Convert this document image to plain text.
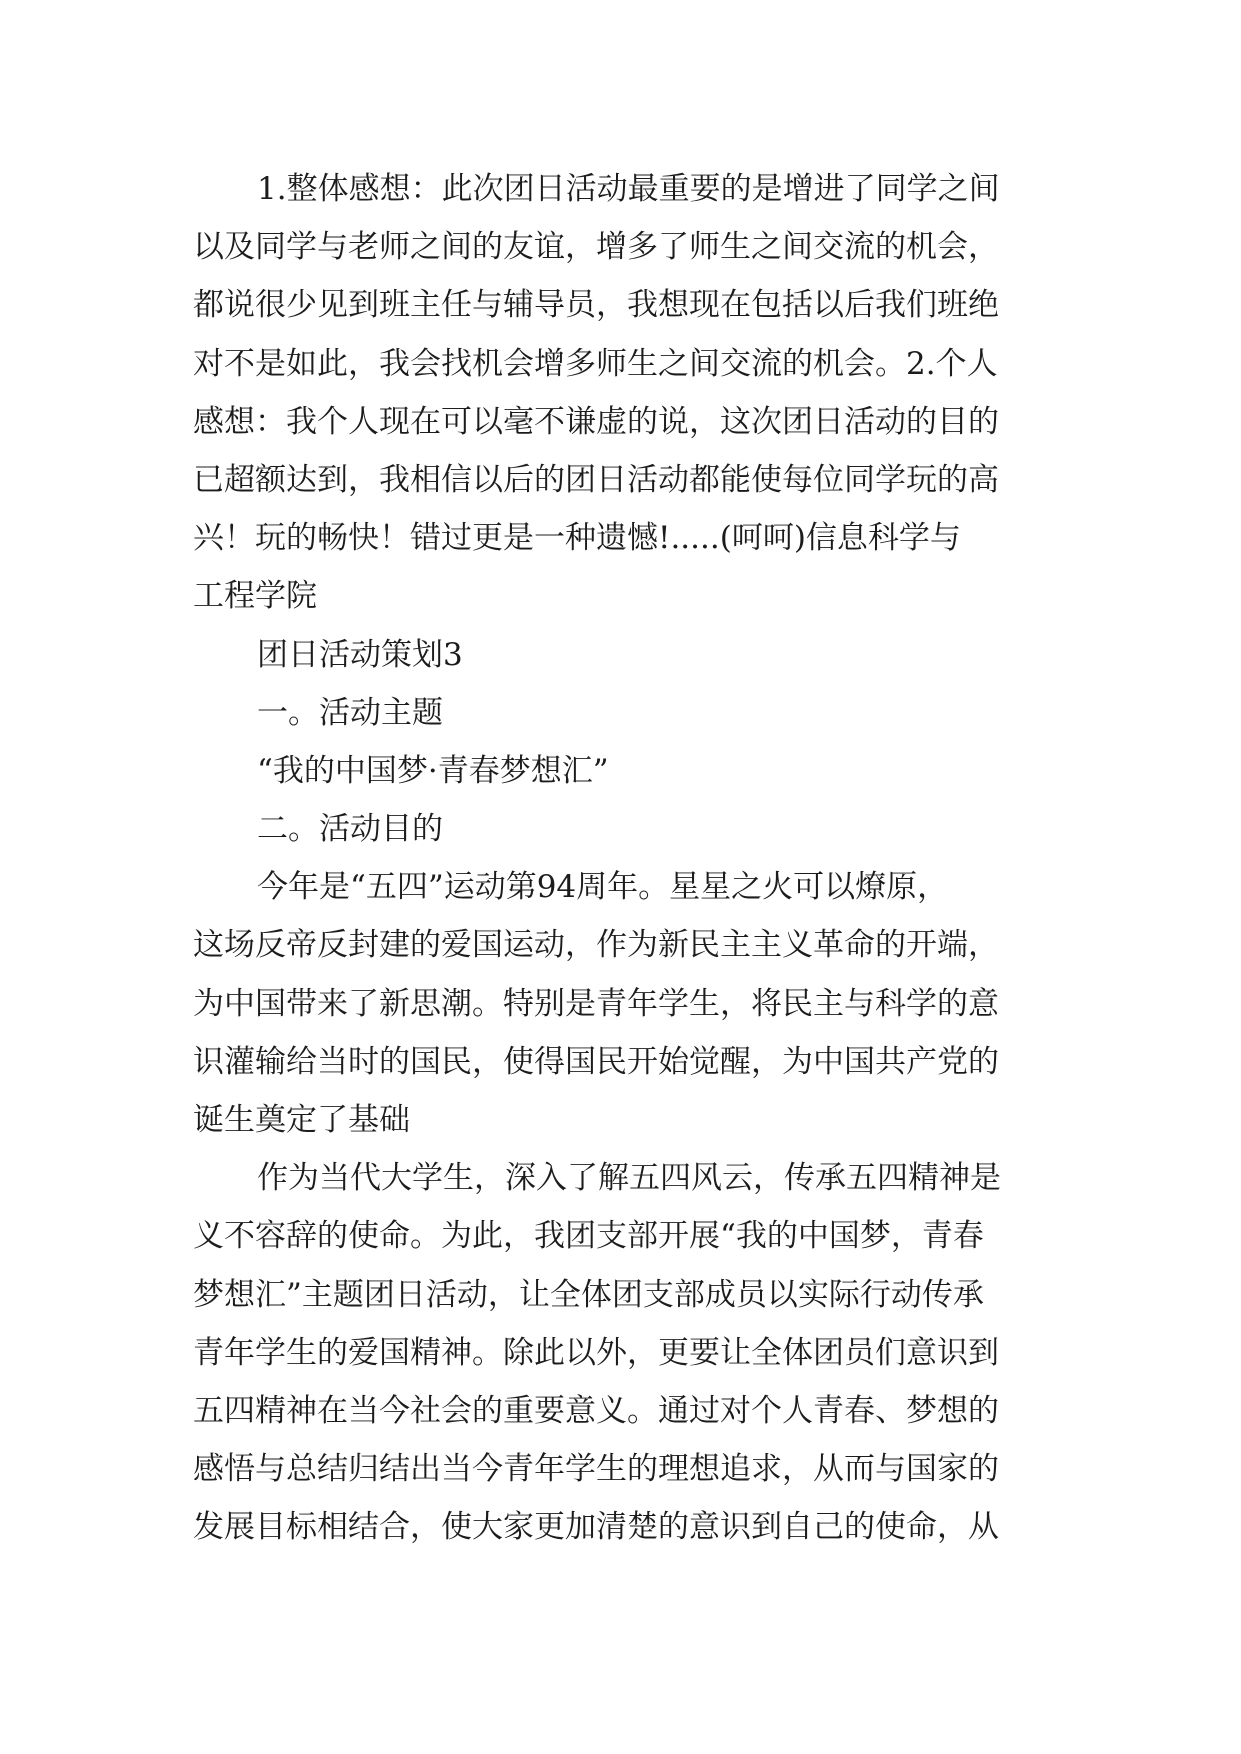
1.整体感想：此次团日活动最重要的是增进了同学之间
以及同学与老师之间的友谊，增多了师生之间交流的机会，
都说很少见到班主任与辅导员，我想现在包括以后我们班绝
对不是如此，我会找机会增多师生之间交流的机会。2.个人
感想：我个人现在可以毫不谦虚的说，这次团日活动的目的
已超额达到，我相信以后的团日活动都能使每位同学玩的高
兴！玩的畅快！错过更是一种遗憾!.....(呵呵)信息科学与
工程学院
团日活动策划3
一。活动主题
“我的中国梦·青春梦想汇”
二。活动目的
今年是“五四”运动第94周年。星星之火可以燎原，
这场反帝反封建的爱国运动，作为新民主主义革命的开端，
为中国带来了新思潮。特别是青年学生，将民主与科学的意
识灌输给当时的国民，使得国民开始觉醒，为中国共产党的
诞生奠定了基础
作为当代大学生，深入了解五四风云，传承五四精神是
义不容辞的使命。为此，我团支部开展“我的中国梦，青春
梦想汇”主题团日活动，让全体团支部成员以实际行动传承
青年学生的爱国精神。除此以外，更要让全体团员们意识到
五四精神在当今社会的重要意义。通过对个人青春、梦想的
感悟与总结归结出当今青年学生的理想追求，从而与国家的
发展目标相结合，使大家更加清楚的意识到自己的使命，从
